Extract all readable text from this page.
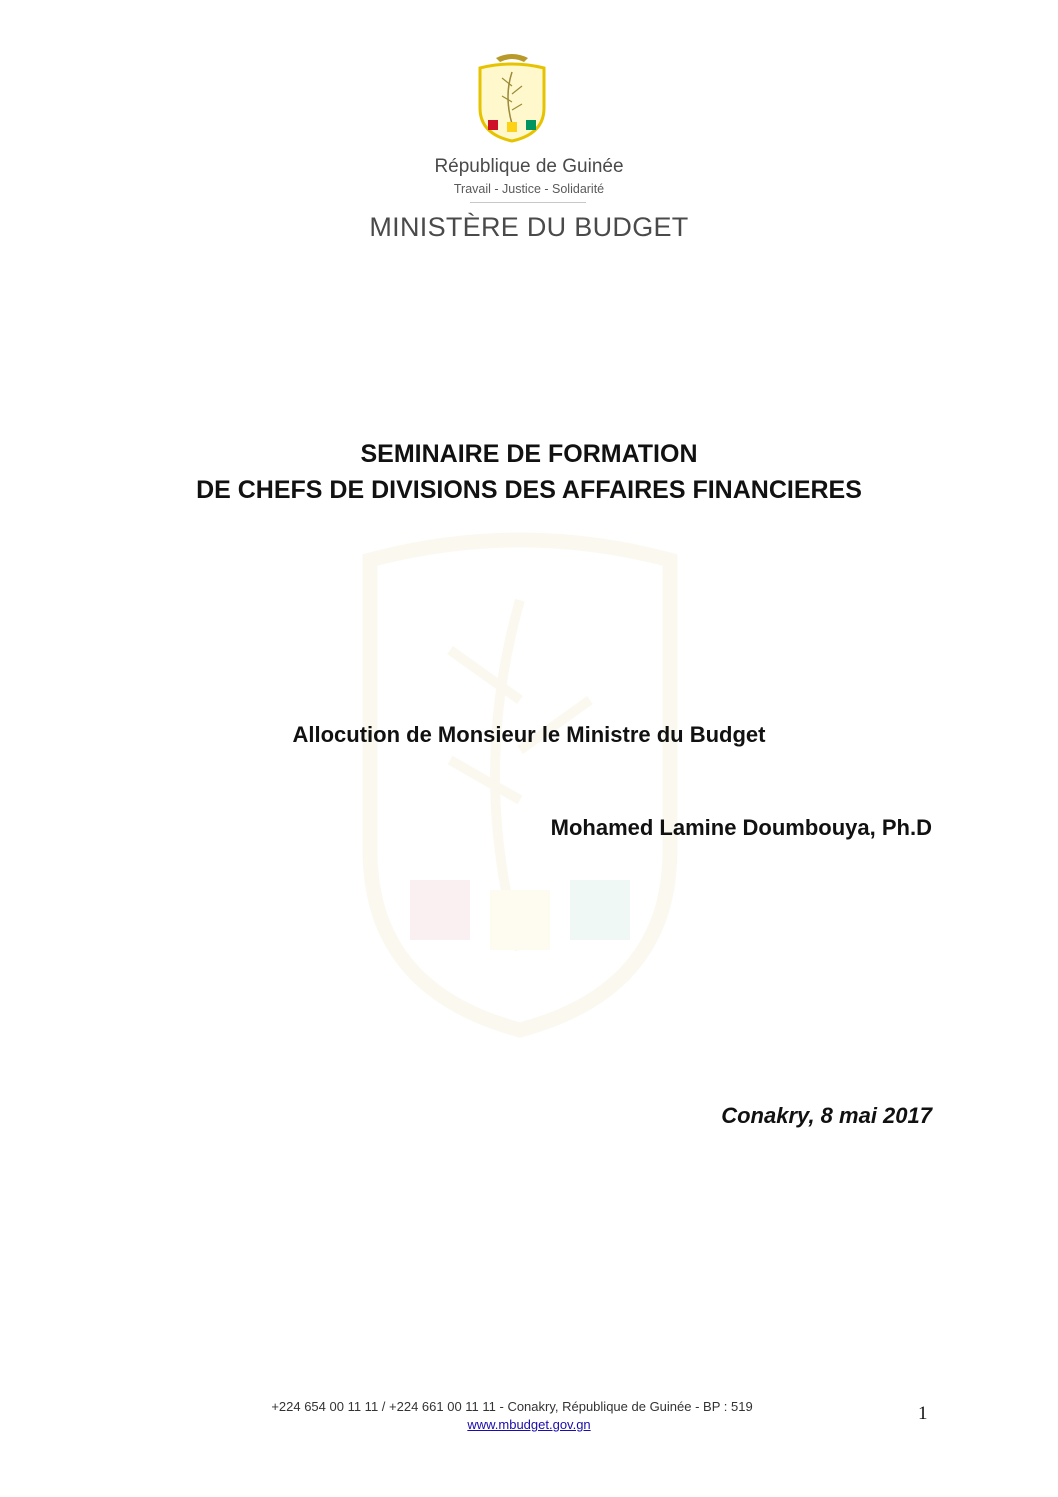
République de Guinée
Travail - Justice - Solidarité
MINISTÈRE DU BUDGET
SEMINAIRE DE FORMATION
DE CHEFS DE DIVISIONS DES AFFAIRES FINANCIERES
Allocution de Monsieur le Ministre du Budget
Mohamed Lamine Doumbouya, Ph.D
Conakry, 8 mai 2017
+224 654 00 11 11 / +224 661 00 11 11 - Conakry, République de Guinée - BP : 519
www.mbudget.gov.gn
1
